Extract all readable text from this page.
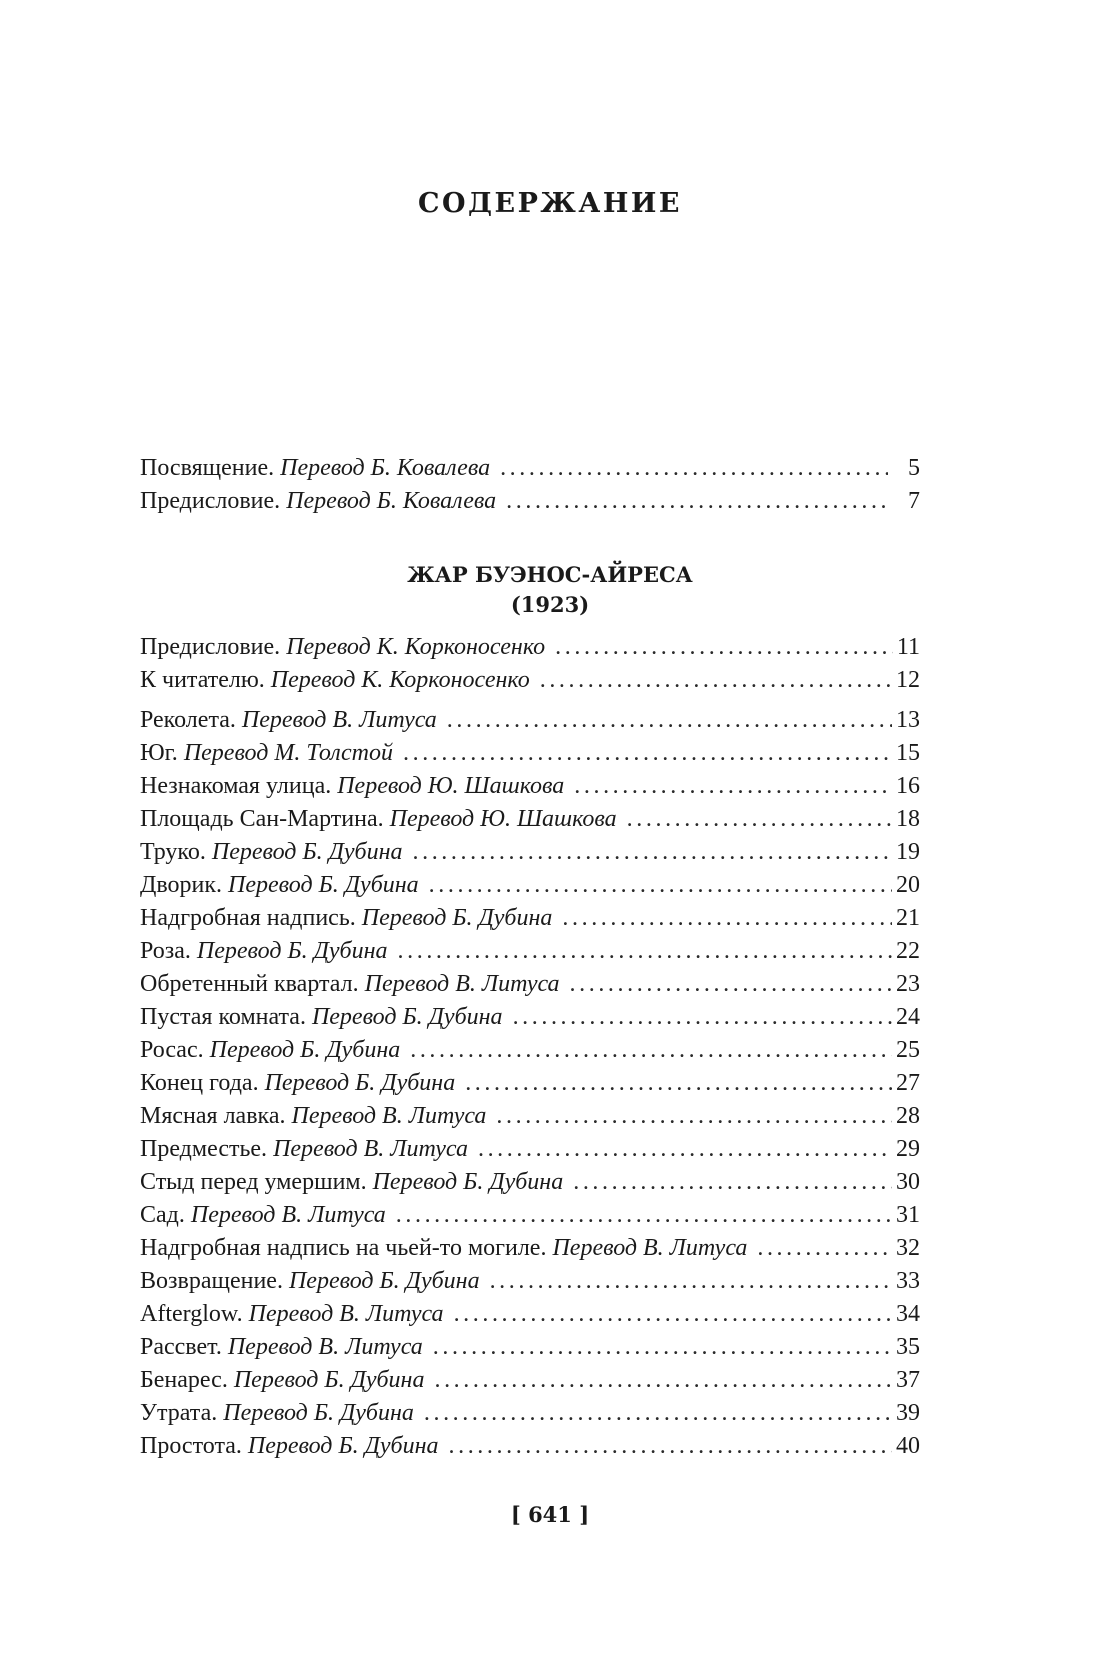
СОДЕРЖАНИЕ
Посвящение. Перевод Б. Ковалева .....	5
Предисловие. Перевод Б. Ковалева .....	7
ЖАР БУЭНОС-АЙРЕСА
(1923)
Предисловие. Перевод К. Корконосенко .....	11
К читателю. Перевод К. Корконосенко .....	12
Реколета. Перевод В. Литуса .....	13
Юг. Перевод М. Толстой .....	15
Незнакомая улица. Перевод Ю. Шашкова .....	16
Площадь Сан-Мартина. Перевод Ю. Шашкова .....	18
Труко. Перевод Б. Дубина .....	19
Дворик. Перевод Б. Дубина .....	20
Надгробная надпись. Перевод Б. Дубина .....	21
Роза. Перевод Б. Дубина .....	22
Обретенный квартал. Перевод В. Литуса .....	23
Пустая комната. Перевод Б. Дубина .....	24
Росас. Перевод Б. Дубина .....	25
Конец года. Перевод Б. Дубина .....	27
Мясная лавка. Перевод В. Литуса .....	28
Предместье. Перевод В. Литуса .....	29
Стыд перед умершим. Перевод Б. Дубина .....	30
Сад. Перевод В. Литуса .....	31
Надгробная надпись на чьей-то могиле. Перевод В. Литуса .....	32
Возвращение. Перевод Б. Дубина .....	33
Afterglow. Перевод В. Литуса .....	34
Рассвет. Перевод В. Литуса .....	35
Бенарес. Перевод Б. Дубина .....	37
Утрата. Перевод Б. Дубина .....	39
Простота. Перевод Б. Дубина .....	40
[ 641 ]
